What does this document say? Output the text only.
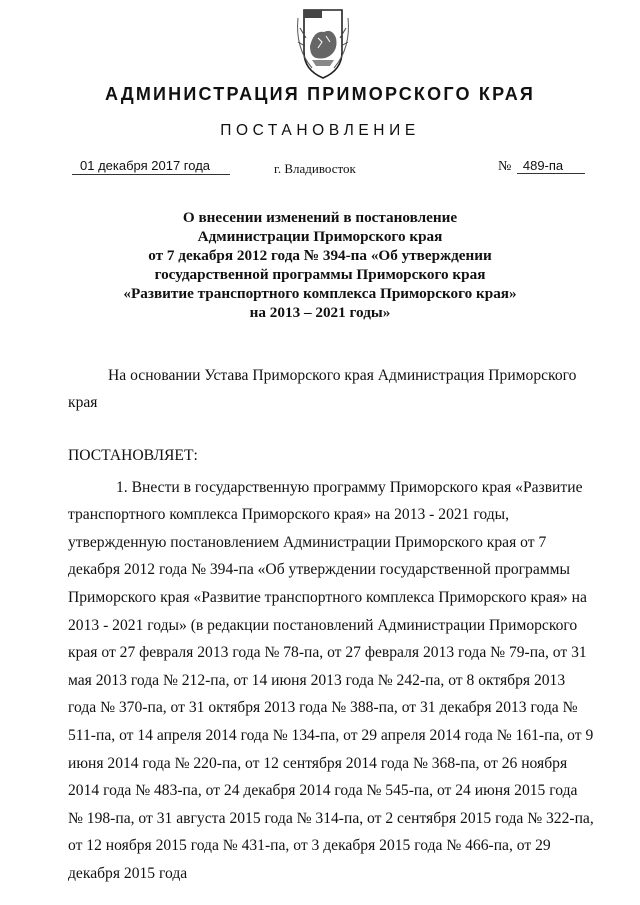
АДМИНИСТРАЦИЯ ПРИМОРСКОГО КРАЯ
ПОСТАНОВЛЕНИЕ
01 декабря 2017 года	г. Владивосток	№ 489-па
О внесении изменений в постановление
Администрации Приморского края
от 7 декабря 2012 года № 394-па «Об утверждении
государственной программы Приморского края
«Развитие транспортного комплекса Приморского края»
на 2013 – 2021 годы»

На основании Устава Приморского края Администрация Приморского края

ПОСТАНОВЛЯЕТ:

1. Внести в государственную программу Приморского края «Развитие транспортного комплекса Приморского края» на 2013 - 2021 годы, утвержденную постановлением Администрации Приморского края от 7 декабря 2012 года № 394-па «Об утверждении государственной программы Приморского края «Развитие транспортного комплекса Приморского края» на 2013 - 2021 годы» (в редакции постановлений Администрации Приморского края от 27 февраля 2013 года № 78-па, от 27 февраля 2013 года № 79-па, от 31 мая 2013 года № 212-па, от 14 июня 2013 года № 242-па, от 8 октября 2013 года № 370-па, от 31 октября 2013 года № 388-па, от 31 декабря 2013 года № 511-па, от 14 апреля 2014 года № 134-па, от 29 апреля 2014 года № 161-па, от 9 июня 2014 года № 220-па, от 12 сентября 2014 года № 368-па, от 26 ноября 2014 года № 483-па, от 24 декабря 2014 года № 545-па, от 24 июня 2015 года № 198-па, от 31 августа 2015 года № 314-па, от 2 сентября 2015 года № 322-па, от 12 ноября 2015 года № 431-па, от 3 декабря 2015 года № 466-па, от 29 декабря 2015 года
